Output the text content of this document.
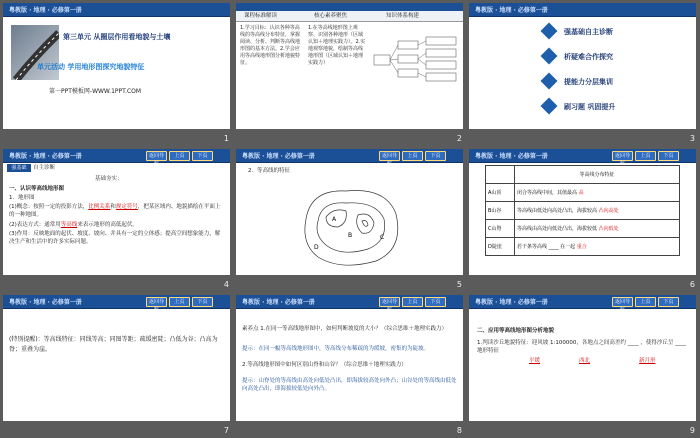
粤教版 · 地理 · 必修第一册
第三单元 从圈层作用看地貌与土壤
单元活动 学用地形图探究地貌特征
第一PPT模板网-WWW.1PPT.COM
1
课程标准解读	核心素养聚焦	知识体系构建
1.学习目标：认识各种等高线的等高线分布特征，掌握阅读、分析、判断等高线地形图的基本方法。2.学会应用等高线地形图分析地貌特征。
1.在等高线地形图上观察、识别各种地形（区域认知＋地理实践力）。2.实地观察地貌，绘制等高线地形图（区域认知＋地理实践力）
2
粤教版 · 地理 · 必修第一册
强基础自主诊断
析疑难合作探究
提能力分层集训
刷习题 巩固提升
3
粤教版 · 地理 · 必修第一册	返回导航
上页	下页
强基础	自主诊断
基础夯实：
一、认识等高线地形图
1．地形图
(1)概念：按照一定的投影方法，比例关系和规定符号，把某区域内、地貌描绘在平面上的一种地图。
(2)表达方式：通常用等高线来表示地形的高低起伏。
(3)作用：反映地面的起伏、坡度、坡向、并具有一定的立体感；提高空间想象能力，解决生产和生活中的许多实际问题。
4
粤教版 · 地理 · 必修第一册	返回导航
上页	下页
2．等高线的特征
A
B	C
D
5
粤教版 · 地理 · 必修第一册	返回导航
上页	下页
	等高线分布特征
A山顶	闭合等高线中间，其值最高 高
B山谷	等高线由低处向高处凸出，海拔较高 凸向高处
C山脊	等高线由高处向低处凸出，海拔较低 凸向低处
D陡崖	若干条等高线 ____ 在一起 重合
6
粤教版 · 地理 · 必修第一册	返回导航
上页	下页
(特别提醒)：等高线特征：同线等高；同图等距；疏缓密陡；凸低为谷；凸高为脊；重叠为崖。
7
粤教版 · 地理 · 必修第一册	返回导航
上页	下页
素养点 1.在同一等高线地形图中，如何判断坡度的大小？（综合思维＋地理实践力）
提示：在同一幅等高线地形图中，等高线分布稀疏的为缓坡，密集的为陡坡。
2.等高线地形图中如何区别山脊和山谷？（综合思维＋地理实践力）
提示：山脊处的等高线由高处向低处凸出，即海拔较高处向外凸；山谷处的等高线由低处向高处凸出，即海拔较低处向外凸。
8
粤教版 · 地理 · 必修第一册	返回导航
上页	下页
二、应用等高线地形图分析地貌
1.判读沙丘地貌特征：迎风坡 1:100000，各地点之间高差约 ____ ，使得沙丘呈 ____ 地形特征
平缓	西北	新月形
9
